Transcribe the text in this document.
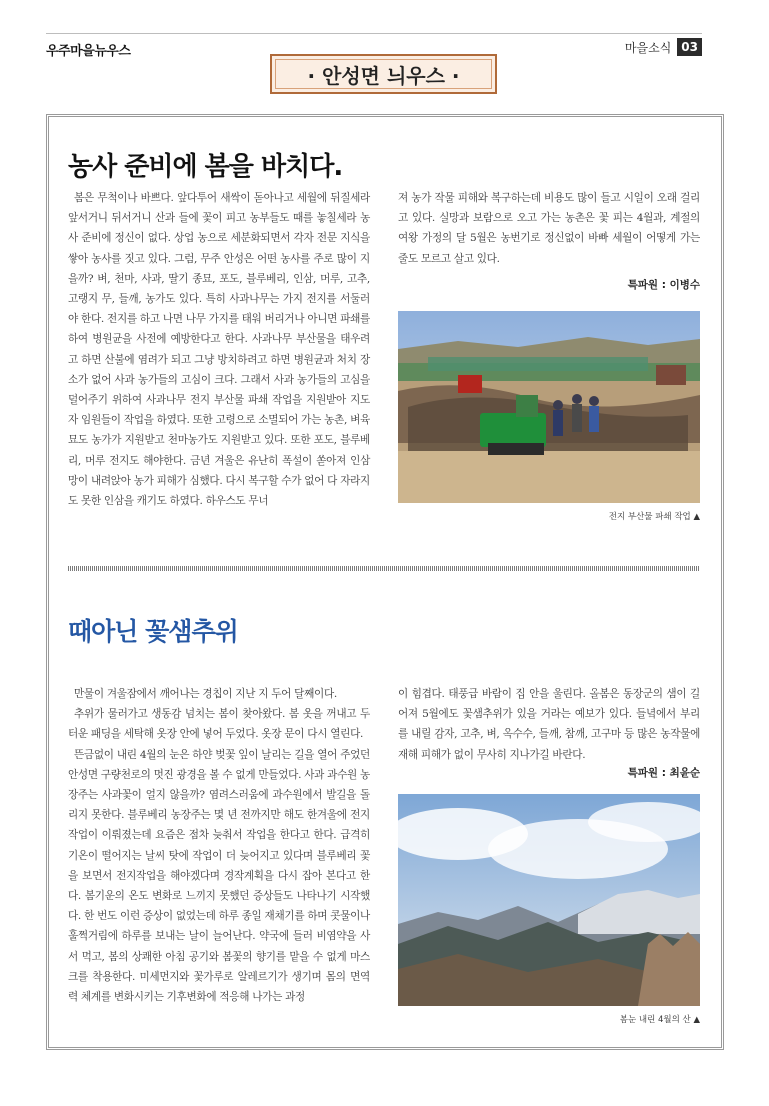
우주마을뉴우스	마을소식 03
· 안성면 늬우스 ·
농사 준비에 봄을 바치다.

봄은 무척이나 바쁘다. 앞다투어 새싹이 돋아나고 세월에 뒤질세라 앞서거니 뒤서거니 산과 들에 꽃이 피고 농부들도 때를 놓칠세라 농사 준비에 정신이 없다. 상업 농으로 세분화되면서 각자 전문 지식을 쌓아 농사를 짓고 있다. 그럼, 무주 안성은 어떤 농사를 주로 많이 지을까? 벼, 천마, 사과, 딸기 종묘, 포도, 블루베리, 인삼, 머루, 고추, 고랭지 무, 들깨, 농가도 있다. 특히 사과나무는 가지 전지를 서둘러야 한다. 전지를 하고 나면 나무 가지를 태워 버리거나 아니면 파쇄를 하여 병원균을 사전에 예방한다고 한다. 사과나무 부산물을 태우려고 하면 산불에 염려가 되고 그냥 방치하려고 하면 병원균과 처치 장소가 없어 사과 농가들의 고심이 크다. 그래서 사과 농가들의 고심을 덜어주기 위하여 사과나무 전지 부산물 파쇄 작업을 지원받아 지도자 임원들이 작업을 하였다. 또한 고령으로 소멸되어 가는 농촌, 벼육묘도 농가가 지원받고 천마농가도 지원받고 있다. 또한 포도, 블루베리, 머루 전지도 해야한다. 금년 겨울은 유난히 폭설이 쏟아져 인삼 망이 내려앉아 농가 피해가 심했다. 다시 복구할 수가 없어 다 자라지도 못한 인삼을 캐기도 하였다. 하우스도 무너

져 농가 작물 피해와 복구하는데 비용도 많이 들고 시일이 오래 걸리고 있다. 실망과 보람으로 오고 가는 농촌은 꽃 피는 4월과, 계절의 여왕 가정의 달 5월은 농번기로 정신없이 바빠 세월이 어떻게 가는 줄도 모르고 살고 있다.

특파원 : 이병수
전지 부산물 파쇄 작업 ▲
때아닌 꽃샘추위

만물이 겨울잠에서 깨어나는 경칩이 지난 지 두어 달째이다.

추위가 물러가고 생동감 넘치는 봄이 찾아왔다. 봄 옷을 꺼내고 두터운 패딩을 세탁해 옷장 안에 넣어 두었다. 옷장 문이 다시 열린다.

뜬금없이 내린 4월의 눈은 하얀 벚꽃 잎이 날리는 길을 열어 주었던 안성면 구량천로의 멋진 광경을 볼 수 없게 만들었다. 사과 과수원 농장주는 사과꽃이 얼지 않을까? 염려스러움에 과수원에서 발길을 돌리지 못한다. 블루베리 농장주는 몇 년 전까지만 해도 한겨울에 전지작업이 이뤄졌는데 요즘은 점차 늦춰서 작업을 한다고 한다. 급격히 기온이 떨어지는 날씨 탓에 작업이 더 늦어지고 있다며 블루베리 꽃을 보면서 전지작업을 해야겠다며 경작계획을 다시 잡아 본다고 한다. 봄기운의 온도 변화로 느끼지 못했던 증상들도 나타나기 시작했다. 한 번도 이런 증상이 없었는데 하루 종일 재채기를 하며 콧물이나 훌쩍거림에 하루를 보내는 날이 늘어난다. 약국에 들러 비염약을 사서 먹고, 봄의 상쾌한 아침 공기와 봄꽃의 향기를 맡을 수 없게 마스크를 착용한다. 미세먼지와 꽃가루로 알레르기가 생기며 몸의 면역력 체계를 변화시키는 기후변화에 적응해 나가는 과정

이 힘겹다. 태풍급 바람이 집 안을 울린다. 올봄은 동장군의 샘이 길어져 5월에도 꽃샘추위가 있을 거라는 예보가 있다. 들녘에서 부리를 내릴 감자, 고추, 벼, 옥수수, 들깨, 참깨, 고구마 등 많은 농작물에 재해 피해가 없이 무사히 지나가길 바란다.

특파원 : 최윤순
봄눈 내린 4월의 산 ▲
